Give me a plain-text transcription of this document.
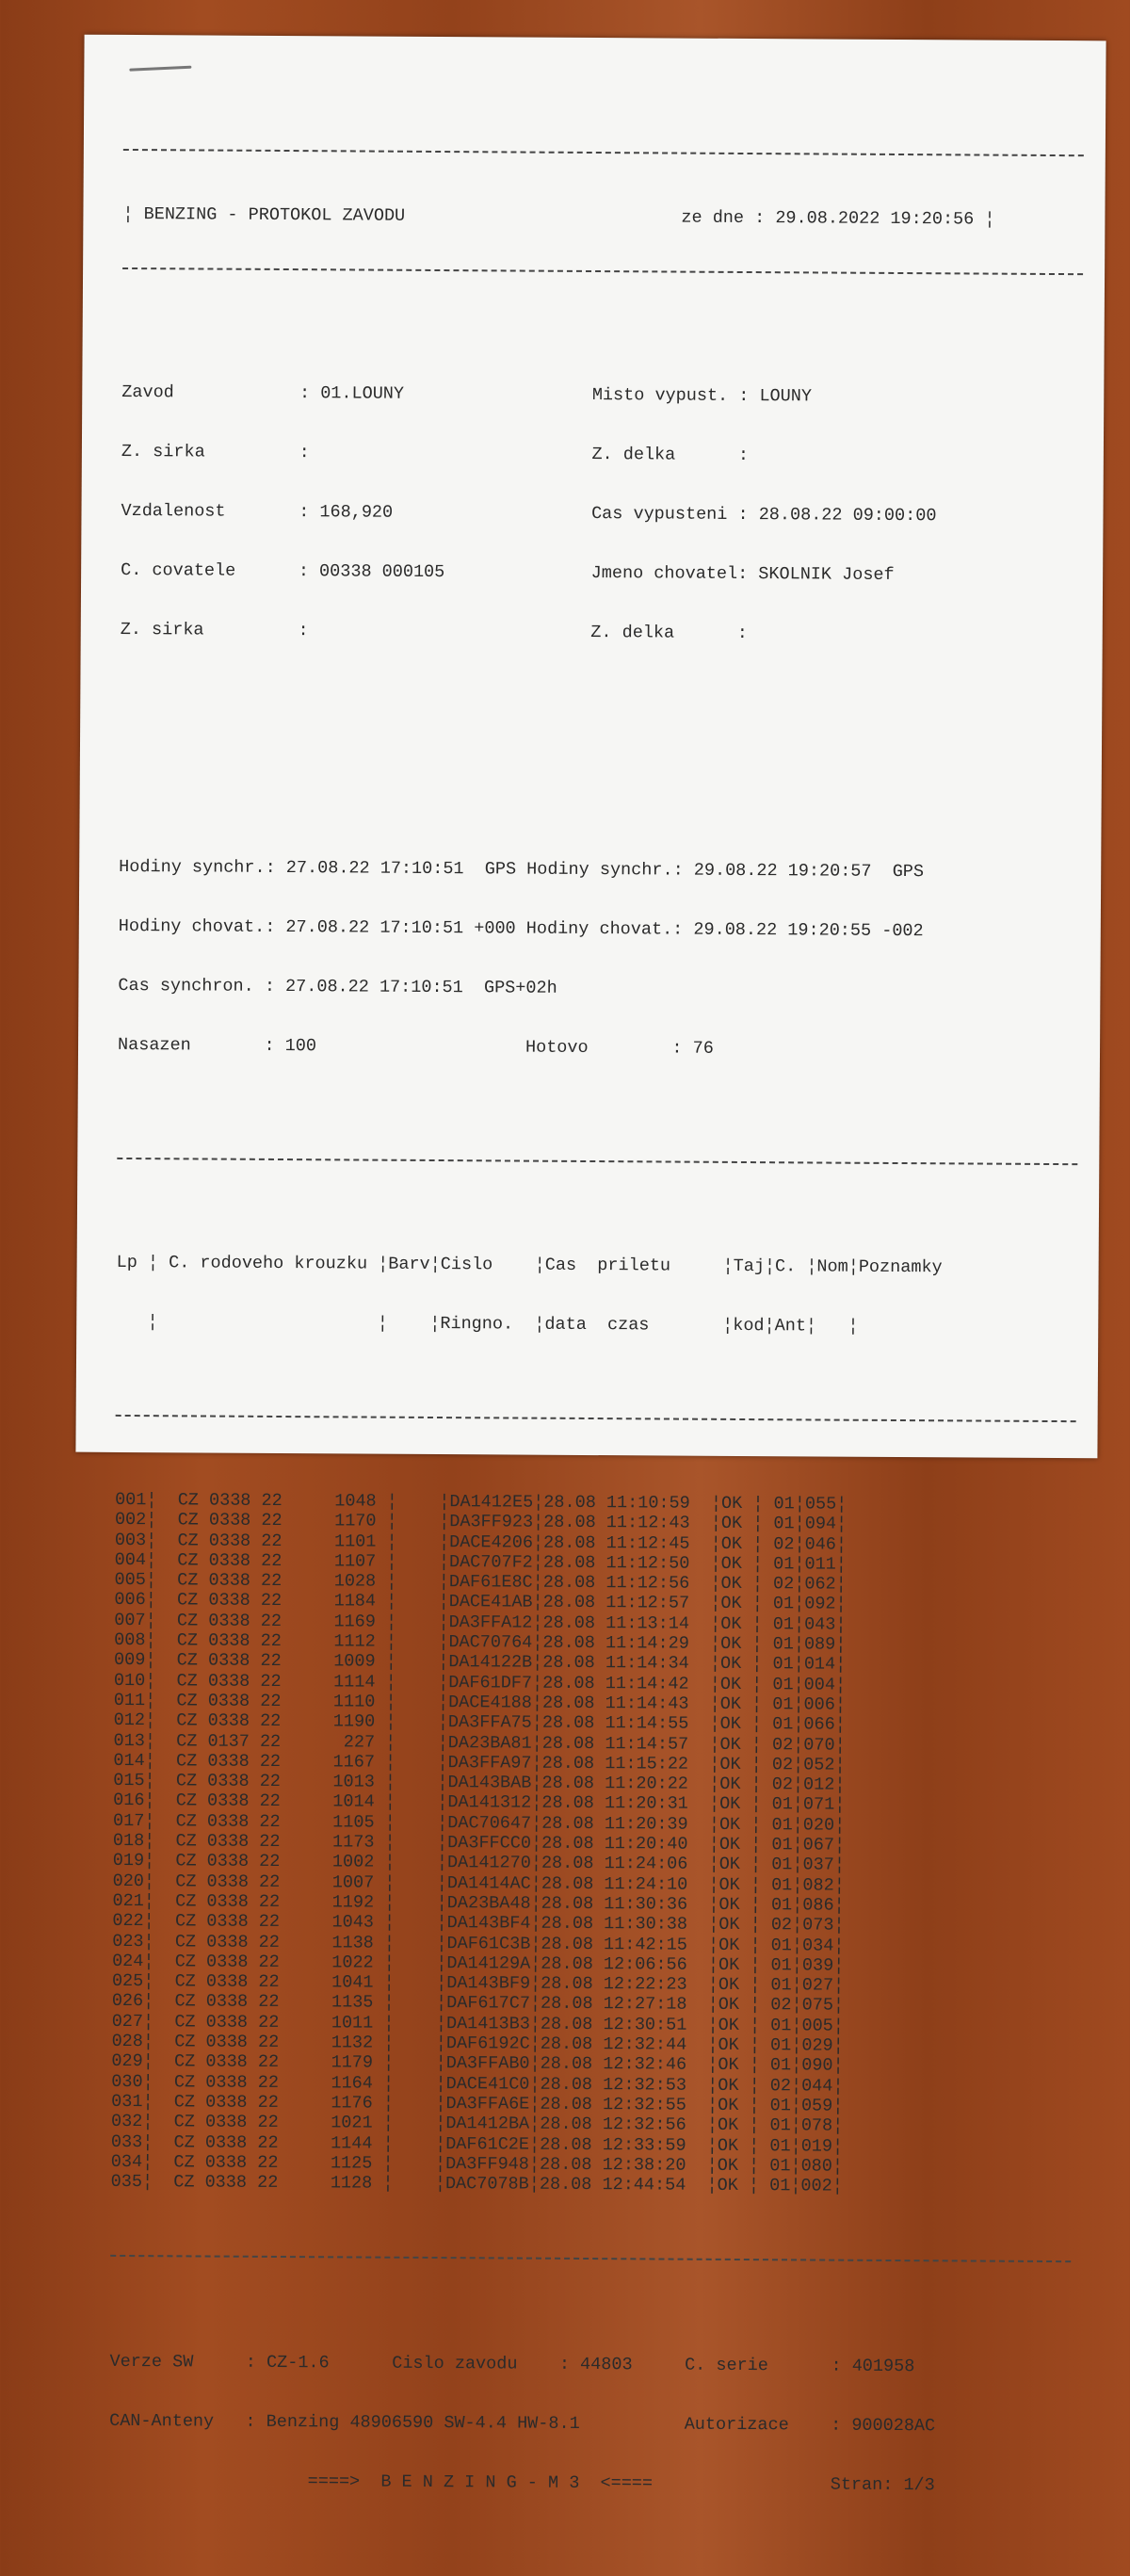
¦ BENZING - PROTOKOL ZAVODU	ze dne : 29.08.2022 19:20:56 ¦

Zavod            : 01.LOUNY                  Misto vypust. : LOUNY

Z. sirka         :                           Z. delka      :

Vzdalenost       : 168,920                   Cas vypusteni : 28.08.22 09:00:00

C. covatele      : 00338 000105              Jmeno chovatel: SKOLNIK Josef

Z. sirka         :                           Z. delka      :

Hodiny synchr.: 27.08.22 17:10:51  GPS Hodiny synchr.: 29.08.22 19:20:57  GPS

Hodiny chovat.: 27.08.22 17:10:51 +000 Hodiny chovat.: 29.08.22 19:20:55 -002

Cas synchron. : 27.08.22 17:10:51  GPS+02h

Nasazen       : 100                    Hotovo        : 76

Lp ¦ C. rodoveho krouzku ¦Barv¦Cislo    ¦Cas  priletu     ¦Taj¦C. ¦Nom¦Poznamky

¦                     ¦    ¦Ringno.  ¦data  czas       ¦kod¦Ant¦   ¦

001¦  CZ 0338 22     1048 ¦    ¦DA1412E5¦28.08 11:10:59  ¦OK ¦ 01¦055¦
002¦  CZ 0338 22     1170 ¦    ¦DA3FF923¦28.08 11:12:43  ¦OK ¦ 01¦094¦
003¦  CZ 0338 22     1101 ¦    ¦DACE4206¦28.08 11:12:45  ¦OK ¦ 02¦046¦
004¦  CZ 0338 22     1107 ¦    ¦DAC707F2¦28.08 11:12:50  ¦OK ¦ 01¦011¦
005¦  CZ 0338 22     1028 ¦    ¦DAF61E8C¦28.08 11:12:56  ¦OK ¦ 02¦062¦
006¦  CZ 0338 22     1184 ¦    ¦DACE41AB¦28.08 11:12:57  ¦OK ¦ 01¦092¦
007¦  CZ 0338 22     1169 ¦    ¦DA3FFA12¦28.08 11:13:14  ¦OK ¦ 01¦043¦
008¦  CZ 0338 22     1112 ¦    ¦DAC70764¦28.08 11:14:29  ¦OK ¦ 01¦089¦
009¦  CZ 0338 22     1009 ¦    ¦DA14122B¦28.08 11:14:34  ¦OK ¦ 01¦014¦
010¦  CZ 0338 22     1114 ¦    ¦DAF61DF7¦28.08 11:14:42  ¦OK ¦ 01¦004¦
011¦  CZ 0338 22     1110 ¦    ¦DACE4188¦28.08 11:14:43  ¦OK ¦ 01¦006¦
012¦  CZ 0338 22     1190 ¦    ¦DA3FFA75¦28.08 11:14:55  ¦OK ¦ 01¦066¦
013¦  CZ 0137 22      227 ¦    ¦DA23BA81¦28.08 11:14:57  ¦OK ¦ 02¦070¦
014¦  CZ 0338 22     1167 ¦    ¦DA3FFA97¦28.08 11:15:22  ¦OK ¦ 02¦052¦
015¦  CZ 0338 22     1013 ¦    ¦DA143BAB¦28.08 11:20:22  ¦OK ¦ 02¦012¦
016¦  CZ 0338 22     1014 ¦    ¦DA141312¦28.08 11:20:31  ¦OK ¦ 01¦071¦
017¦  CZ 0338 22     1105 ¦    ¦DAC70647¦28.08 11:20:39  ¦OK ¦ 01¦020¦
018¦  CZ 0338 22     1173 ¦    ¦DA3FFCC0¦28.08 11:20:40  ¦OK ¦ 01¦067¦
019¦  CZ 0338 22     1002 ¦    ¦DA141270¦28.08 11:24:06  ¦OK ¦ 01¦037¦
020¦  CZ 0338 22     1007 ¦    ¦DA1414AC¦28.08 11:24:10  ¦OK ¦ 01¦082¦
021¦  CZ 0338 22     1192 ¦    ¦DA23BA48¦28.08 11:30:36  ¦OK ¦ 01¦086¦
022¦  CZ 0338 22     1043 ¦    ¦DA143BF4¦28.08 11:30:38  ¦OK ¦ 02¦073¦
023¦  CZ 0338 22     1138 ¦    ¦DAF61C3B¦28.08 11:42:15  ¦OK ¦ 01¦034¦
024¦  CZ 0338 22     1022 ¦    ¦DA14129A¦28.08 12:06:56  ¦OK ¦ 01¦039¦
025¦  CZ 0338 22     1041 ¦    ¦DA143BF9¦28.08 12:22:23  ¦OK ¦ 01¦027¦
026¦  CZ 0338 22     1135 ¦    ¦DAF617C7¦28.08 12:27:18  ¦OK ¦ 02¦075¦
027¦  CZ 0338 22     1011 ¦    ¦DA1413B3¦28.08 12:30:51  ¦OK ¦ 01¦005¦
028¦  CZ 0338 22     1132 ¦    ¦DAF6192C¦28.08 12:32:44  ¦OK ¦ 01¦029¦
029¦  CZ 0338 22     1179 ¦    ¦DA3FFAB0¦28.08 12:32:46  ¦OK ¦ 01¦090¦
030¦  CZ 0338 22     1164 ¦    ¦DACE41C0¦28.08 12:32:53  ¦OK ¦ 02¦044¦
031¦  CZ 0338 22     1176 ¦    ¦DA3FFA6E¦28.08 12:32:55  ¦OK ¦ 01¦059¦
032¦  CZ 0338 22     1021 ¦    ¦DA1412BA¦28.08 12:32:56  ¦OK ¦ 01¦078¦
033¦  CZ 0338 22     1144 ¦    ¦DAF61C2E¦28.08 12:33:59  ¦OK ¦ 01¦019¦
034¦  CZ 0338 22     1125 ¦    ¦DA3FF948¦28.08 12:38:20  ¦OK ¦ 01¦080¦
035¦  CZ 0338 22     1128 ¦    ¦DAC7078B¦28.08 12:44:54  ¦OK ¦ 01¦002¦

Verze SW     : CZ-1.6      Cislo zavodu    : 44803     C. serie      : 401958

CAN-Anteny   : Benzing 48906590 SW-4.4 HW-8.1          Autorizace    : 900028AC

====>  B E N Z I N G - M 3  <====                 Stran: 1/3
